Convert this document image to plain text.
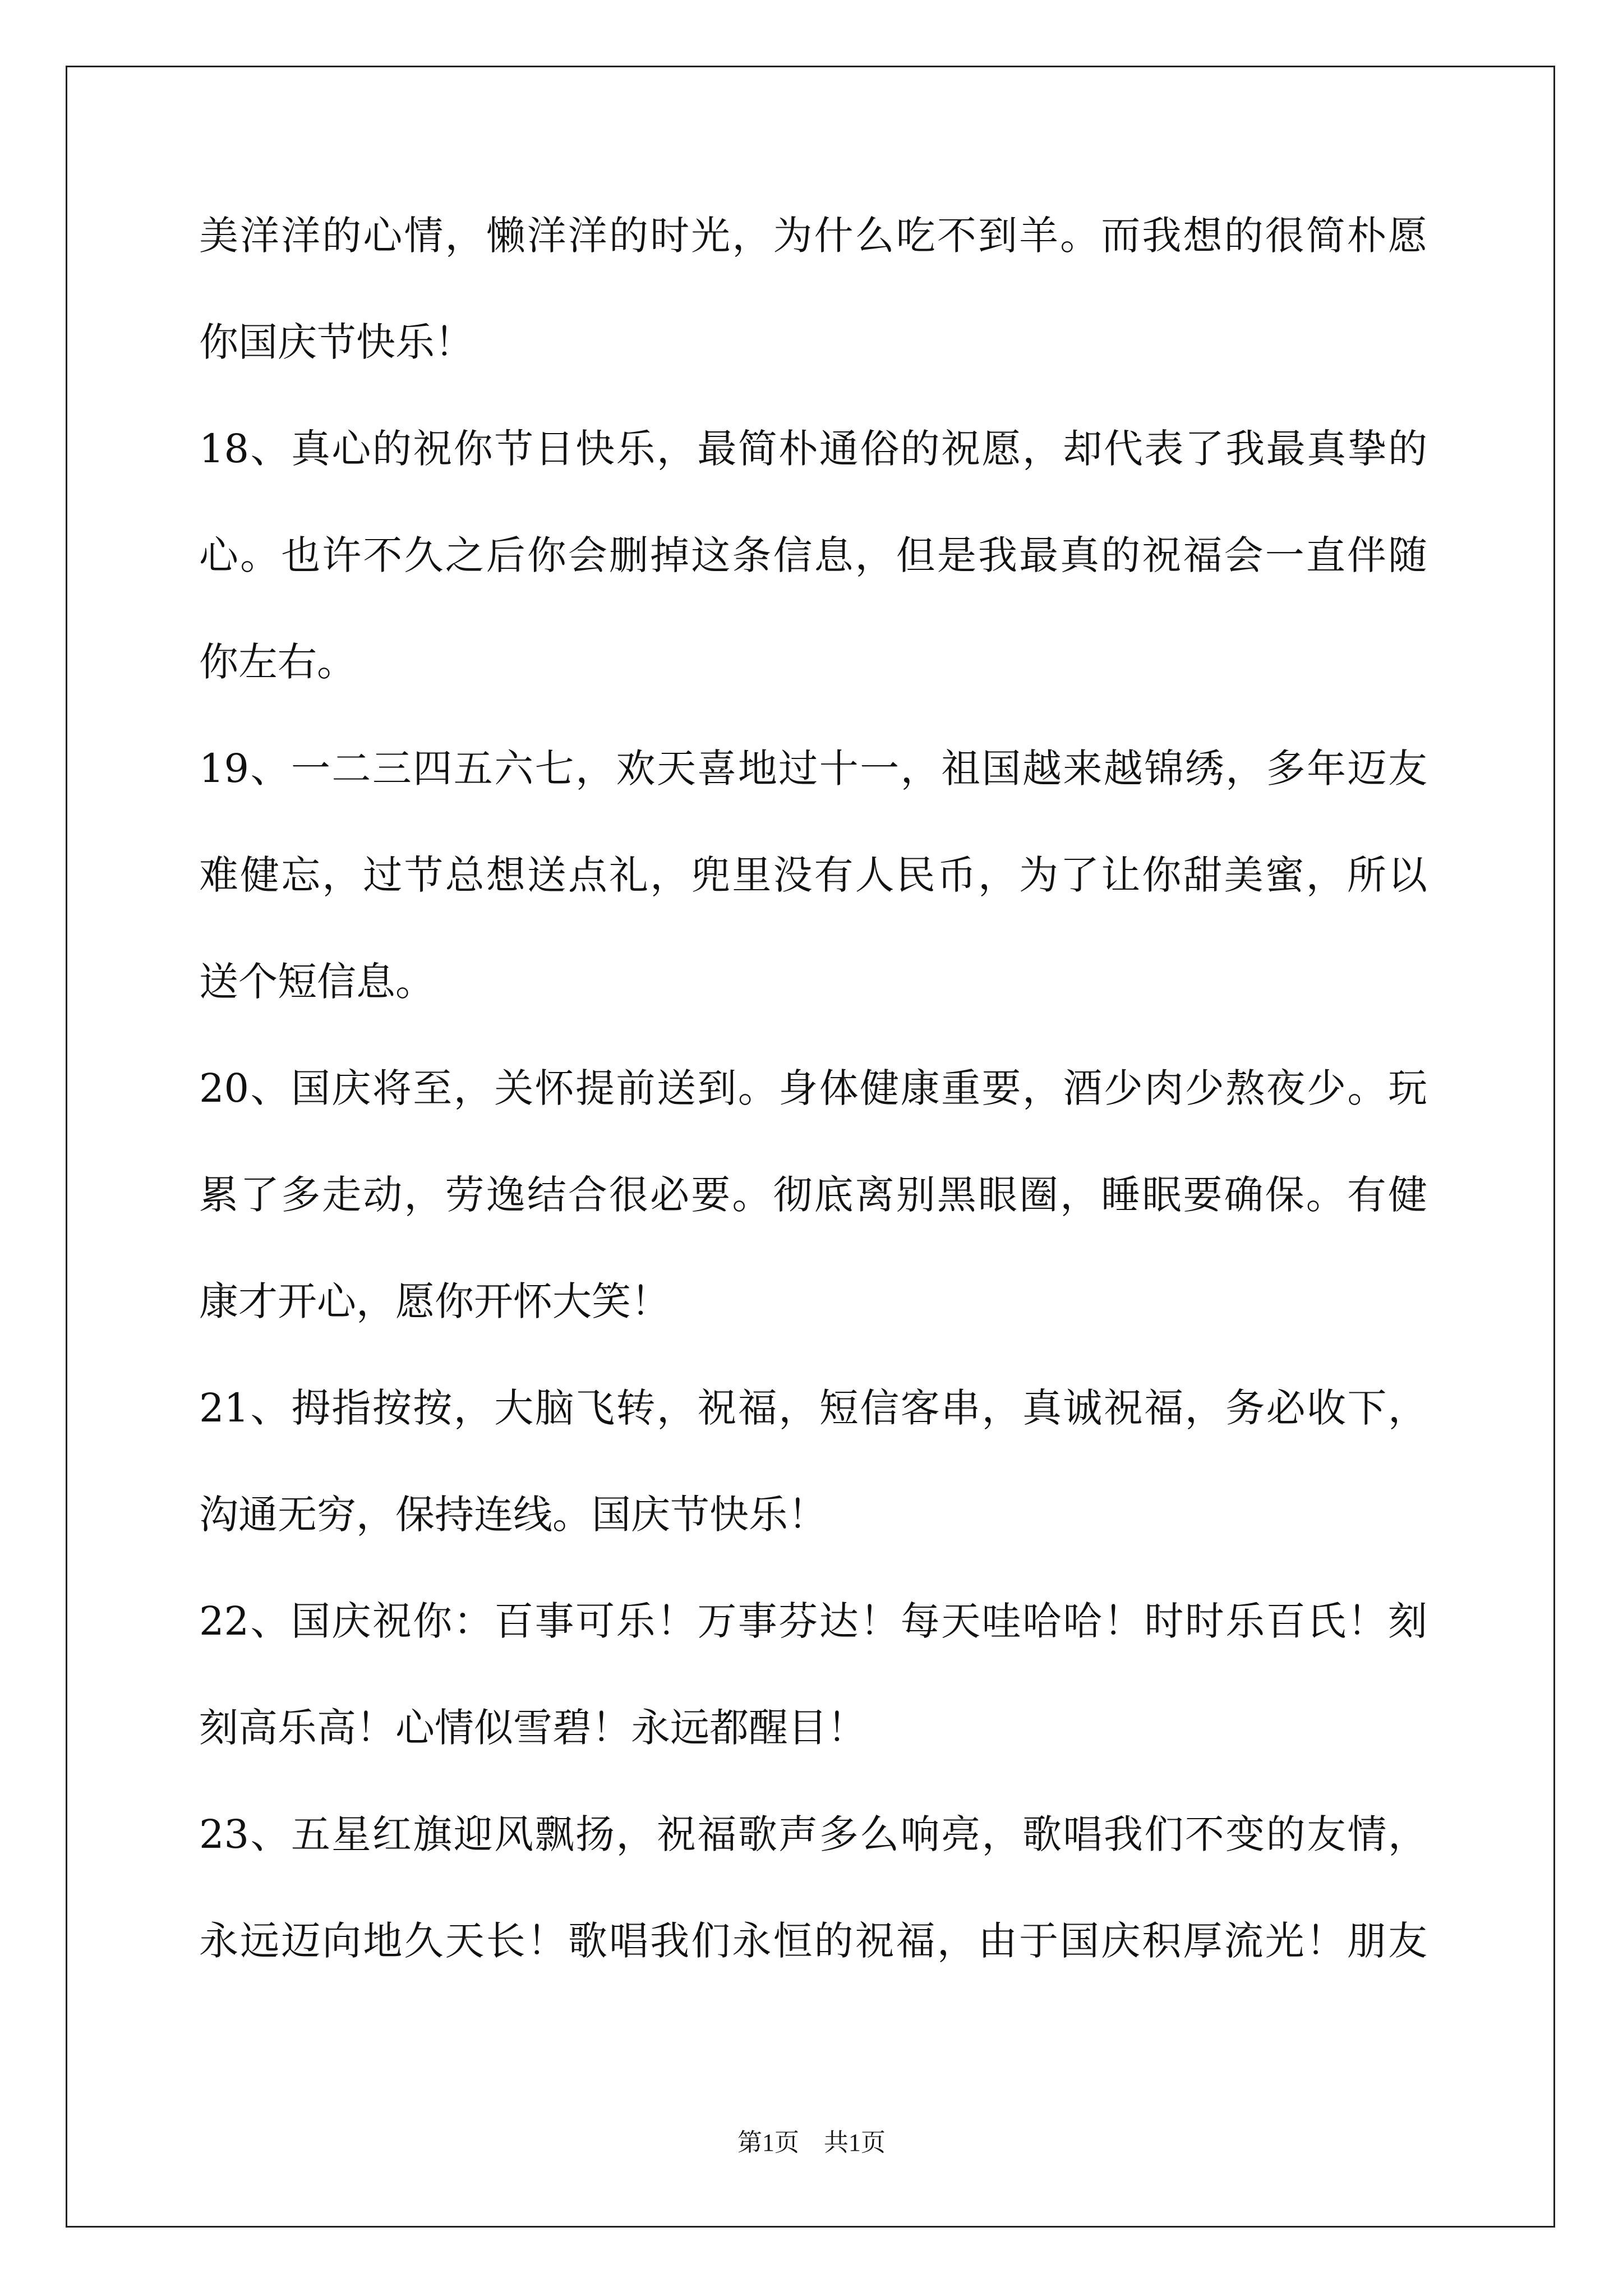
美洋洋的心情，懒洋洋的时光，为什么吃不到羊。而我想的很简朴愿
你国庆节快乐！
18、真心的祝你节日快乐，最简朴通俗的祝愿，却代表了我最真挚的
心。也许不久之后你会删掉这条信息，但是我最真的祝福会一直伴随
你左右。
19、一二三四五六七，欢天喜地过十一，祖国越来越锦绣，多年迈友
难健忘，过节总想送点礼，兜里没有人民币，为了让你甜美蜜，所以
送个短信息。
20、国庆将至，关怀提前送到。身体健康重要，酒少肉少熬夜少。玩
累了多走动，劳逸结合很必要。彻底离别黑眼圈，睡眠要确保。有健
康才开心，愿你开怀大笑！
21、拇指按按，大脑飞转，祝福，短信客串，真诚祝福，务必收下，
沟通无穷，保持连线。国庆节快乐！
22、国庆祝你：百事可乐！万事芬达！每天哇哈哈！时时乐百氏！刻
刻高乐高！心情似雪碧！永远都醒目！
23、五星红旗迎风飘扬，祝福歌声多么响亮，歌唱我们不变的友情，
永远迈向地久天长！歌唱我们永恒的祝福，由于国庆积厚流光！朋友
第1页 共1页
